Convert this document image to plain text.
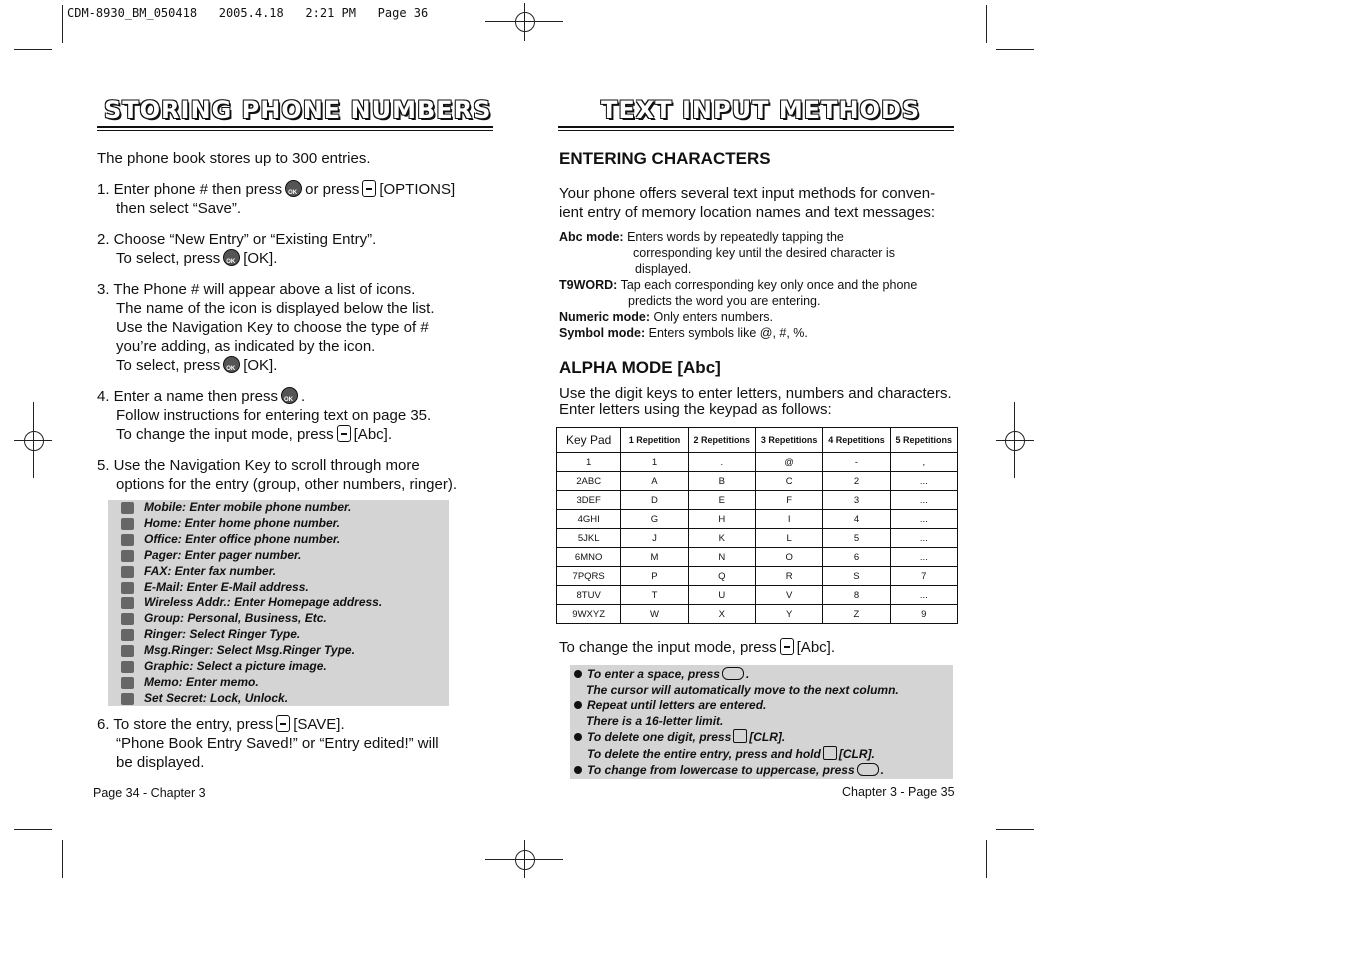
CDM-8930_BM_050418   2005.4.18   2:21 PM   Page 36
STORING PHONE NUMBERS
The phone book stores up to 300 entries.
1. Enter phone # then press OK or press [OPTIONS]
then select “Save”.
2. Choose “New Entry” or “Existing Entry”.
To select, press OK [OK].
3. The Phone # will appear above a list of icons.
The name of the icon is displayed below the list.
Use the Navigation Key to choose the type of #
you’re adding, as indicated by the icon.
To select, press OK [OK].
4. Enter a name then press OK .
Follow instructions for entering text on page 35.
To change the input mode, press [Abc].
5. Use the Navigation Key to scroll through more
options for the entry (group, other numbers, ringer).
Mobile: Enter mobile phone number.
Home: Enter home phone number.
Office: Enter office phone number.
Pager: Enter pager number.
FAX: Enter fax number.
E-Mail: Enter E-Mail address.
Wireless Addr.: Enter Homepage address.
Group: Personal, Business, Etc.
Ringer: Select Ringer Type.
Msg.Ringer: Select Msg.Ringer Type.
Graphic: Select a picture image.
Memo: Enter memo.
Set Secret: Lock, Unlock.
6. To store the entry, press [SAVE].
“Phone Book Entry Saved!” or “Entry edited!” will
be displayed.
Page 34 - Chapter 3
TEXT INPUT METHODS
ENTERING CHARACTERS
Your phone offers several text input methods for conven-
ient entry of memory location names and text messages:
Abc mode: Enters words by repeatedly tapping the
corresponding key until the desired character is
displayed.
T9WORD: Tap each corresponding key only once and the phone
predicts the word you are entering.
Numeric mode: Only enters numbers.
Symbol mode: Enters symbols like @, #, %.
ALPHA MODE [Abc]
Use the digit keys to enter letters, numbers and characters.
Enter letters using the keypad as follows:
Key Pad	1 Repetition	2 Repetitions	3 Repetitions	4 Repetitions	5 Repetitions
1	1	.	@	-	,
2ABC	A	B	C	2	...
3DEF	D	E	F	3	...
4GHI	G	H	I	4	...
5JKL	J	K	L	5	...
6MNO	M	N	O	6	...
7PQRS	P	Q	R	S	7
8TUV	T	U	V	8	...
9WXYZ	W	X	Y	Z	9
To change the input mode, press [Abc].
To enter a space, press .
The cursor will automatically move to the next column.
Repeat until letters are entered.
There is a 16-letter limit.
To delete one digit, press [CLR].
To delete the entire entry, press and hold [CLR].
To change from lowercase to uppercase, press .
Chapter 3 - Page 35
